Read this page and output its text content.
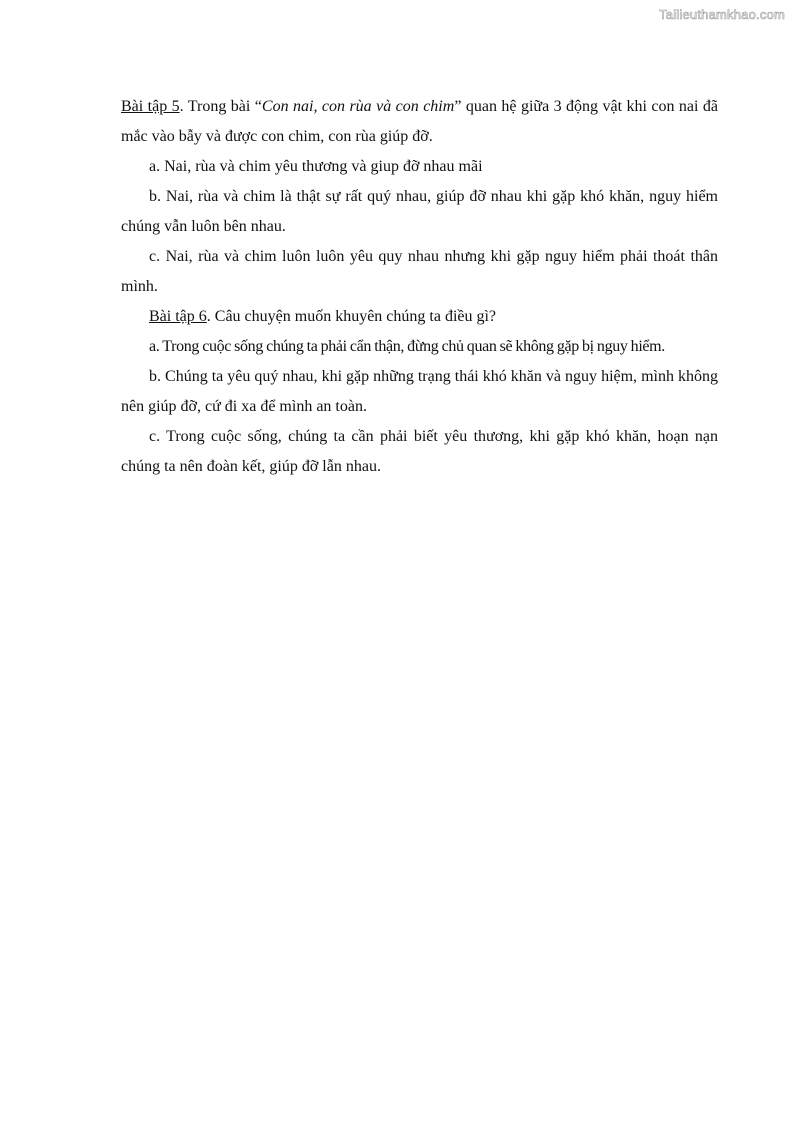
Tailieuthamkhao.com

Bài tập 5. Trong bài “Con nai, con rùa và con chim” quan hệ giữa 3 động vật khi con nai đã mắc vào bẫy và được con chim, con rùa giúp đỡ.

a. Nai, rùa và chim yêu thương và giup đỡ nhau mãi

b. Nai, rùa và chim là thật sự rất quý nhau, giúp đỡ nhau khi gặp khó khăn, nguy hiểm chúng vẫn luôn bên nhau.

c. Nai, rùa và chim luôn luôn yêu quy nhau nhưng khi gặp nguy hiểm phải thoát thân mình.

Bài tập 6. Câu chuyện muốn khuyên chúng ta điều gì?

a. Trong cuộc sống chúng ta phải cẩn thận, đừng chủ quan sẽ không gặp bị nguy hiểm.

b. Chúng ta yêu quý nhau, khi gặp những trạng thái khó khăn và nguy hiệm, mình không nên giúp đỡ, cứ đi xa để mình an toàn.

c. Trong cuộc sống, chúng ta cần phải biết yêu thương, khi gặp khó khăn, hoạn nạn chúng ta nên đoàn kết, giúp đỡ lẫn nhau.
